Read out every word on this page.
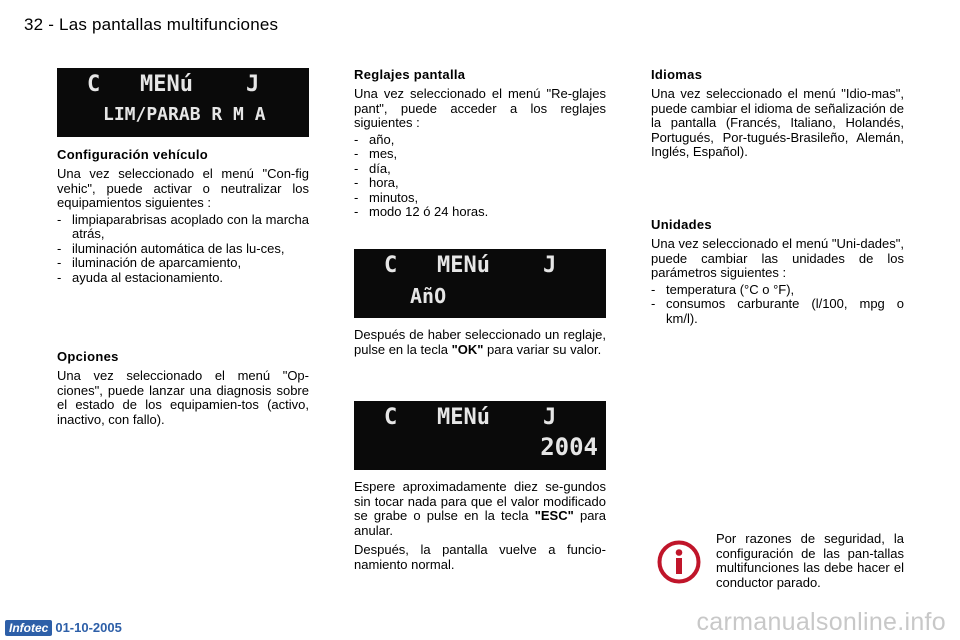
32 - Las pantallas multifunciones
C   MENú    J
LIM/PARAB R M A
C   MENú    J
AñO
C   MENú    J
2004
Configuración vehículo

Una vez seleccionado el menú "Con-fig vehic", puede activar o neutralizar los equipamientos siguientes :

- limpiaparabrisas acoplado con la marcha atrás,
- iluminación automática de las lu-ces,
- iluminación de aparcamiento,
- ayuda al estacionamiento.
Opciones

Una vez seleccionado el menú "Op-ciones", puede lanzar una diagnosis sobre el estado de los equipamien-tos (activo, inactivo, con fallo).

Reglajes pantalla

Una vez seleccionado el menú "Re-glajes pant", puede acceder a los reglajes siguientes :

- año,
- mes,
- día,
- hora,
- minutos,
- modo 12 ó 24 horas.

Después de haber seleccionado un reglaje, pulse en la tecla "OK" para variar su valor.

Espere aproximadamente diez se-gundos sin tocar nada para que el valor modificado se grabe o pulse en la tecla "ESC" para anular.

Después, la pantalla vuelve a funcio-namiento normal.

Idiomas

Una vez seleccionado el menú "Idio-mas", puede cambiar el idioma de señalización de la pantalla (Francés, Italiano, Holandés, Portugués, Por-tugués-Brasileño, Alemán, Inglés, Español).

Unidades

Una vez seleccionado el menú "Uni-dades", puede cambiar las unidades de los parámetros siguientes :

- temperatura (°C o °F),
- consumos carburante (l/100, mpg o km/l).
Por razones de seguridad, la configuración de las pan-tallas multifunciones las debe hacer el conductor parado.
Infotec 01-10-2005	carmanualsonline.info
